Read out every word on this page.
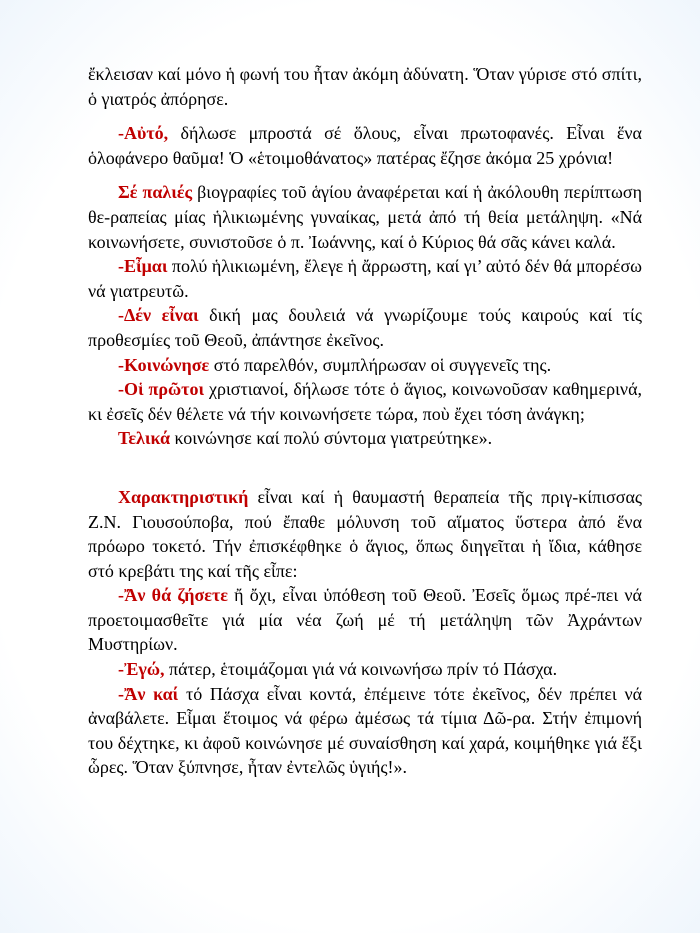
ἔκλεισαν καί μόνο ἡ φωνή του ἦταν ἀκόμη ἀδύνατη. Ὅταν γύρισε στό σπίτι, ὁ γιατρός ἀπόρησε.

-Αὐτό, δήλωσε μπροστά σέ ὅλους, εἶναι πρωτοφανές. Εἶναι ἕνα ὁλοφάνερο θαῦμα! Ὁ «ἑτοιμοθάνατος» πατέρας ἔζησε ἀκόμα 25 χρόνια!

Σέ παλιές βιογραφίες τοῦ ἁγίου ἀναφέρεται καί ἡ ἀκόλουθη περίπτωση θε-ραπείας μίας ἡλικιωμένης γυναίκας, μετά ἀπό τή θεία μετάληψη. «Νά κοινωνήσετε, συνιστοῦσε ὁ π. Ἰωάννης, καί ὁ Κύριος θά σᾶς κάνει καλά.

-Εἶμαι πολύ ἡλικιωμένη, ἔλεγε ἡ ἄρρωστη, καί γι’ αὐτό δέν θά μπορέσω νά γιατρευτῶ.

-Δέν εἶναι δική μας δουλειά νά γνωρίζουμε τούς καιρούς καί τίς προθεσμίες τοῦ Θεοῦ, ἀπάντησε ἐκεῖνος.

-Κοινώνησε στό παρελθόν, συμπλήρωσαν οἱ συγγενεῖς της.

-Οἱ πρῶτοι χριστιανοί, δήλωσε τότε ὁ ἅγιος, κοινωνοῦσαν καθημερινά, κι ἐσεῖς δέν θέλετε νά τήν κοινωνήσετε τώρα, ποὺ ἔχει τόση ἀνάγκη;

Τελικά κοινώνησε καί πολύ σύντομα γιατρεύτηκε».

Χαρακτηριστική εἶναι καί ἡ θαυμαστή θεραπεία τῆς πριγ-κίπισσας Ζ.Ν. Γιουσούποβα, πού ἔπαθε μόλυνση τοῦ αἵματος ὕστερα ἀπό ἕνα πρόωρο τοκετό. Τήν ἐπισκέφθηκε ὁ ἅγιος, ὅπως διηγεῖται ἡ ἴδια, κάθησε στό κρεβάτι της καί τῆς εἶπε:

-Ἄν θά ζήσετε ἤ ὄχι, εἶναι ὑπόθεση τοῦ Θεοῦ. Ἐσεῖς ὅμως πρέ-πει νά προετοιμασθεῖτε γιά μία νέα ζωή μέ τή μετάληψη τῶν Ἀχράντων Μυστηρίων.

-Ἐγώ, πάτερ, ἑτοιμάζομαι γιά νά κοινωνήσω πρίν τό Πάσχα.

-Ἄν καί τό Πάσχα εἶναι κοντά, ἐπέμεινε τότε ἐκεῖνος, δέν πρέπει νά ἀναβάλετε. Εἶμαι ἕτοιμος νά φέρω ἀμέσως τά τίμια Δῶ-ρα. Στήν ἐπιμονή του δέχτηκε, κι ἀφοῦ κοινώνησε μέ συναίσθηση καί χαρά, κοιμήθηκε γιά ἕξι ὧρες. Ὅταν ξύπνησε, ἦταν ἐντελῶς ὑγιής!».
